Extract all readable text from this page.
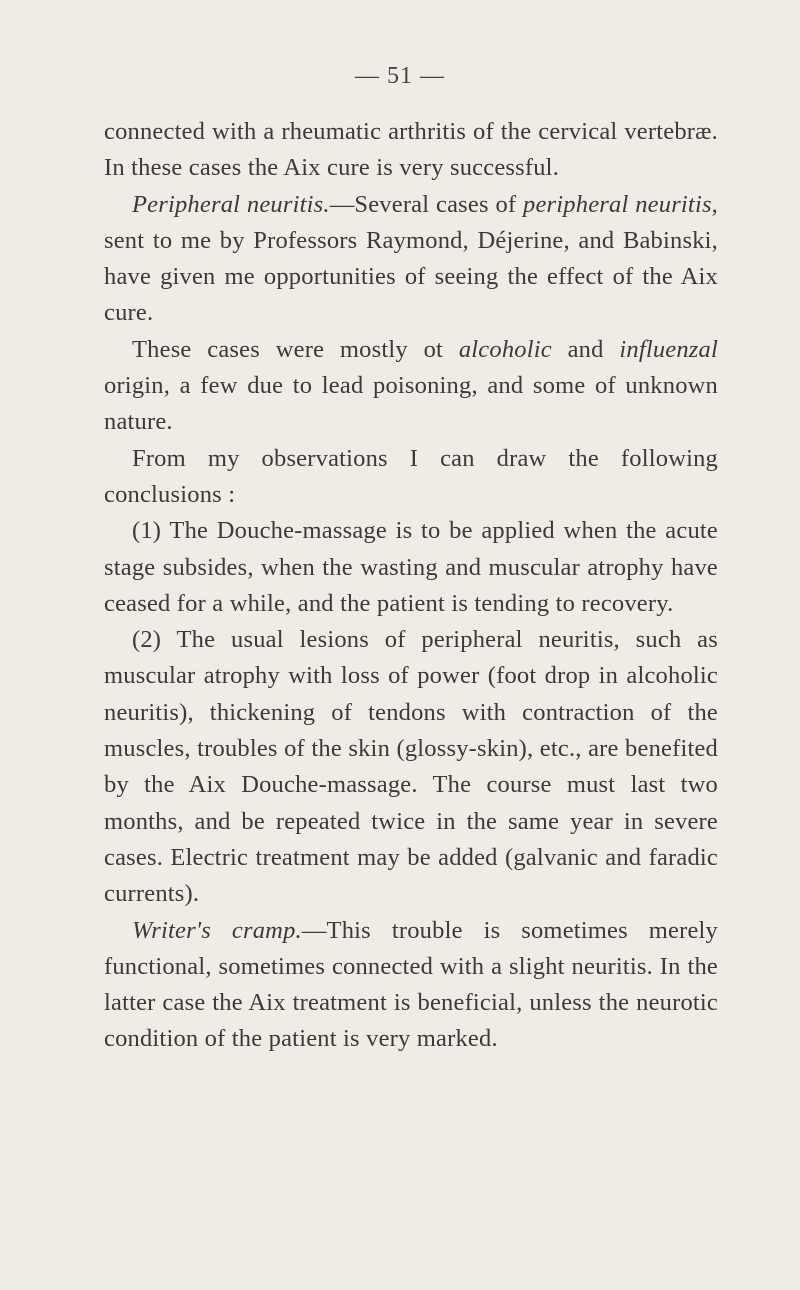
— 51 —

connected with a rheumatic arthritis of the cervical vertebræ. In these cases the Aix cure is very successful.

Peripheral neuritis.—Several cases of peripheral neuritis, sent to me by Professors Raymond, Déjerine, and Babinski, have given me opportunities of seeing the effect of the Aix cure.

These cases were mostly ot alcoholic and influenzal origin, a few due to lead poisoning, and some of unknown nature.

From my observations I can draw the following conclusions :

(1) The Douche-massage is to be applied when the acute stage subsides, when the wasting and muscular atrophy have ceased for a while, and the patient is tending to recovery.

(2) The usual lesions of peripheral neuritis, such as muscular atrophy with loss of power (foot drop in alcoholic neuritis), thickening of tendons with contraction of the muscles, troubles of the skin (glossy-skin), etc., are benefited by the Aix Douche-massage. The course must last two months, and be repeated twice in the same year in severe cases. Electric treatment may be added (galvanic and faradic currents).

Writer's cramp.—This trouble is sometimes merely functional, sometimes connected with a slight neuritis. In the latter case the Aix treatment is beneficial, unless the neurotic condition of the patient is very marked.
